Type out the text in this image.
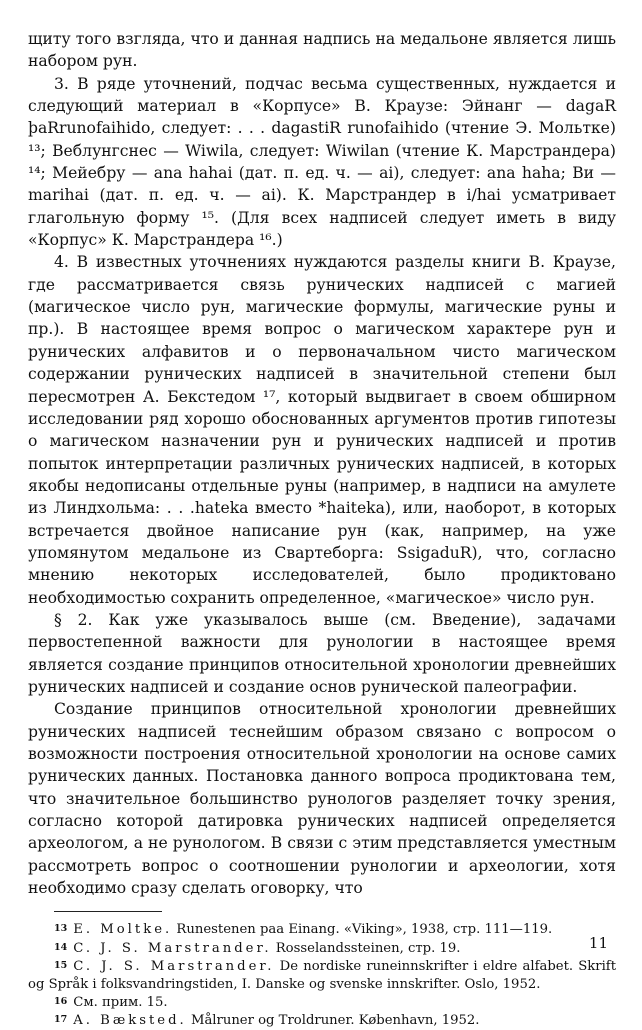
щиту того взгляда, что и данная надпись на медальоне является лишь набором рун.

3. В ряде уточнений, подчас весьма существенных, нуждается и следующий материал в «Корпусе» В. Краузе: Эйнанг — dagaR þaRrunofaihido, следует: . . . dagastiR runofaihido (чтение Э. Мольтке) ¹³; Веблунгснес — Wiwila, следует: Wiwilan (чтение К. Марстрандера) ¹⁴; Мейебру — ana hahai (дат. п. ед. ч. — ai), следует: ana haha; Ви — marihai (дат. п. ед. ч. — ai). К. Марстрандер в i/hai усматривает глагольную форму ¹⁵. (Для всех надписей следует иметь в виду «Корпус» К. Марстрандера ¹⁶.)

4. В известных уточнениях нуждаются разделы книги В. Краузе, где рассматривается связь рунических надписей с магией (магическое число рун, магические формулы, магические руны и пр.). В настоящее время вопрос о магическом характере рун и рунических алфавитов и о первоначальном чисто магическом содержании рунических надписей в значительной степени был пересмотрен А. Бекстедом ¹⁷, который выдвигает в своем обширном исследовании ряд хорошо обоснованных аргументов против гипотезы о магическом назначении рун и рунических надписей и против попыток интерпретации различных рунических надписей, в которых якобы недописаны отдельные руны (например, в надписи на амулете из Линдхольма: . . .hateka вместо *haiteka), или, наоборот, в которых встречается двойное написание рун (как, например, на уже упомянутом медальоне из Свартеборга: SsigaduR), что, согласно мнению некоторых исследователей, было продиктовано необходимостью сохранить определенное, «магическое» число рун.

§ 2. Как уже указывалось выше (см. Введение), задачами первостепенной важности для рунологии в настоящее время является создание принципов относительной хронологии древнейших рунических надписей и создание основ рунической палеографии.

Создание принципов относительной хронологии древнейших рунических надписей теснейшим образом связано с вопросом о возможности построения относительной хронологии на основе самих рунических данных. Постановка данного вопроса продиктована тем, что значительное большинство рунологов разделяет точку зрения, согласно которой датировка рунических надписей определяется археологом, а не рунологом. В связи с этим представляется уместным рассмотреть вопрос о соотношении рунологии и археологии, хотя необходимо сразу сделать оговорку, что

13 E. Moltke. Runestenen paa Einang. «Viking», 1938, стр. 111—119.

14 C. J. S. Marstrander. Rosselandssteinen, стр. 19.

15 C. J. S. Marstrander. De nordiske runeinnskrifter i eldre alfabet. Skrift og Språk i folksvandringstiden, I. Danske og svenske innskrifter. Oslo, 1952.

16 См. прим. 15.

17 A. Bæksted. Målruner og Troldruner. København, 1952.

11
